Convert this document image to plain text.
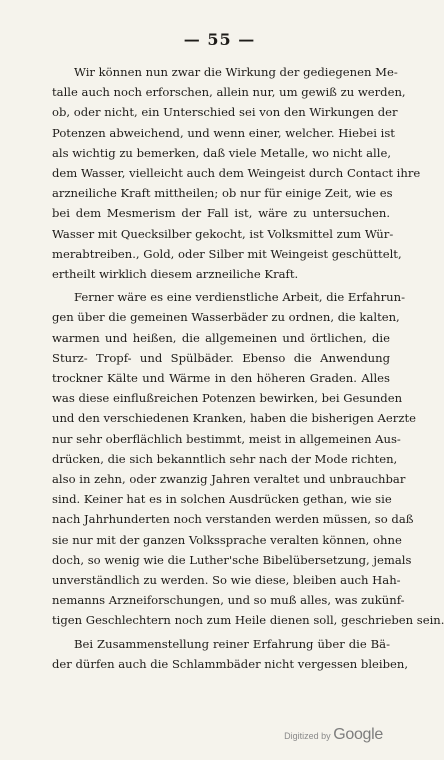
— 55 —
Wir können nun zwar die Wirkung der gediegenen Me-
talle auch noch erforschen, allein nur, um gewiß zu werden,
ob, oder nicht, ein Unterschied sei von den Wirkungen der
Potenzen abweichend, und wenn einer, welcher. Hiebei ist
als wichtig zu bemerken, daß viele Metalle, wo nicht alle,
dem Wasser, vielleicht auch dem Weingeist durch Contact ihre
arzneiliche Kraft mittheilen; ob nur für einige Zeit, wie es
bei dem Mesmerism der Fall ist, wäre zu untersuchen.
Wasser mit Quecksilber gekocht, ist Volksmittel zum Wür-
merabtreiben., Gold, oder Silber mit Weingeist geschüttelt,
ertheilt wirklich diesem arzneiliche Kraft.
Ferner wäre es eine verdienstliche Arbeit, die Erfahrun-
gen über die gemeinen Wasserbäder zu ordnen, die kalten,
warmen und heißen, die allgemeinen und örtlichen, die
Sturz- Tropf- und Spülbäder. Ebenso die Anwendung
trockner Kälte und Wärme in den höheren Graden. Alles
was diese einflußreichen Potenzen bewirken, bei Gesunden
und den verschiedenen Kranken, haben die bisherigen Aerzte
nur sehr oberflächlich bestimmt, meist in allgemeinen Aus-
drücken, die sich bekanntlich sehr nach der Mode richten,
also in zehn, oder zwanzig Jahren veraltet und unbrauchbar
sind. Keiner hat es in solchen Ausdrücken gethan, wie sie
nach Jahrhunderten noch verstanden werden müssen, so daß
sie nur mit der ganzen Volkssprache veralten können, ohne
doch, so wenig wie die Luther'sche Bibelübersetzung, jemals
unverständlich zu werden. So wie diese, bleiben auch Hah-
nemanns Arzneiforschungen, und so muß alles, was zukünf-
tigen Geschlechtern noch zum Heile dienen soll, geschrieben sein.
Bei Zusammenstellung reiner Erfahrung über die Bä-
der dürfen auch die Schlammbäder nicht vergessen bleiben,
Digitized by Google
